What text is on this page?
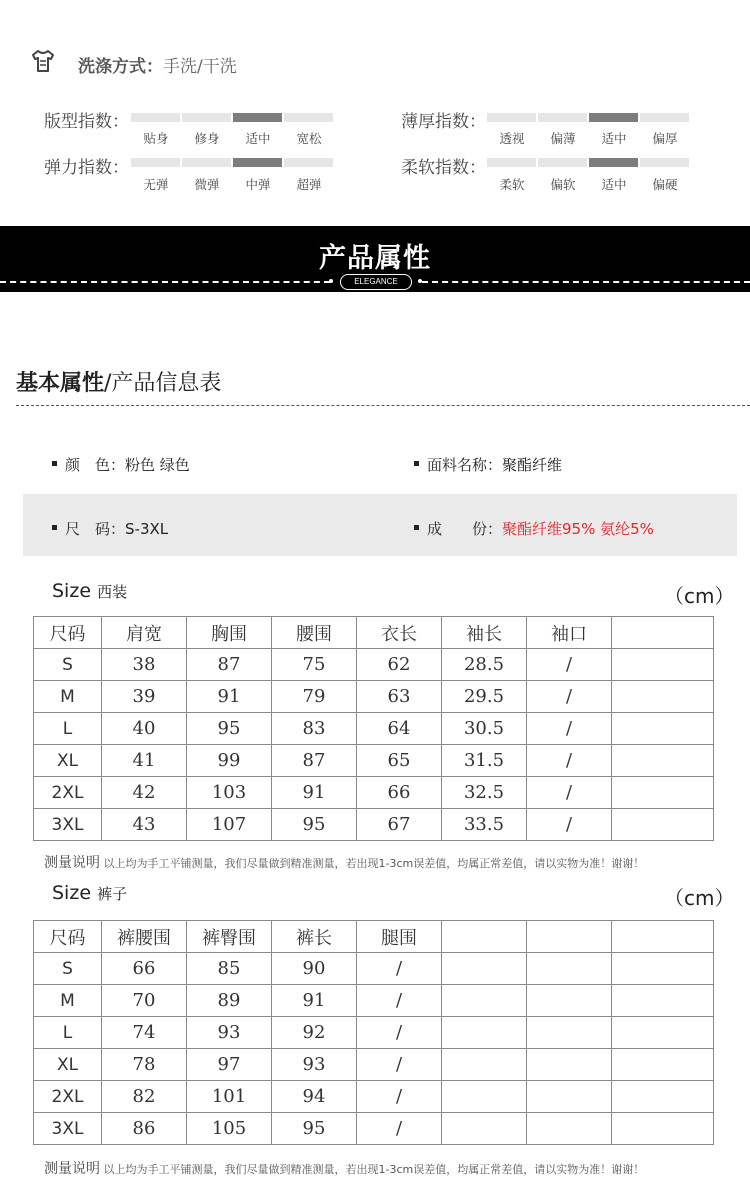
洗涤方式：手洗/干洗
版型指数：
贴身	修身	适中	宽松
薄厚指数：
透视	偏薄	适中	偏厚
弹力指数：
无弹	微弹	中弹	超弹
柔软指数：
柔软	偏软	适中	偏硬
产品属性
ELEGANCE
基本属性/产品信息表
颜　色：粉色 绿色	面料名称：聚酯纤维
尺　码：S-3XL	成　　份：聚酯纤维95% 氨纶5%
Size 西装	（cm）
尺码	肩宽	胸围	腰围	衣长	袖长	袖口	
S	38	87	75	62	28.5	/	
M	39	91	79	63	29.5	/	
L	40	95	83	64	30.5	/	
XL	41	99	87	65	31.5	/	
2XL	42	103	91	66	32.5	/	
3XL	43	107	95	67	33.5	/	
测量说明 以上均为手工平铺测量，我们尽量做到精准测量，若出现1-3cm误差值，均属正常差值，请以实物为准！谢谢！
Size 裤子	（cm）
尺码	裤腰围	裤臀围	裤长	腿围			
S	66	85	90	/			
M	70	89	91	/			
L	74	93	92	/			
XL	78	97	93	/			
2XL	82	101	94	/			
3XL	86	105	95	/			
测量说明 以上均为手工平铺测量，我们尽量做到精准测量，若出现1-3cm误差值，均属正常差值，请以实物为准！谢谢！
